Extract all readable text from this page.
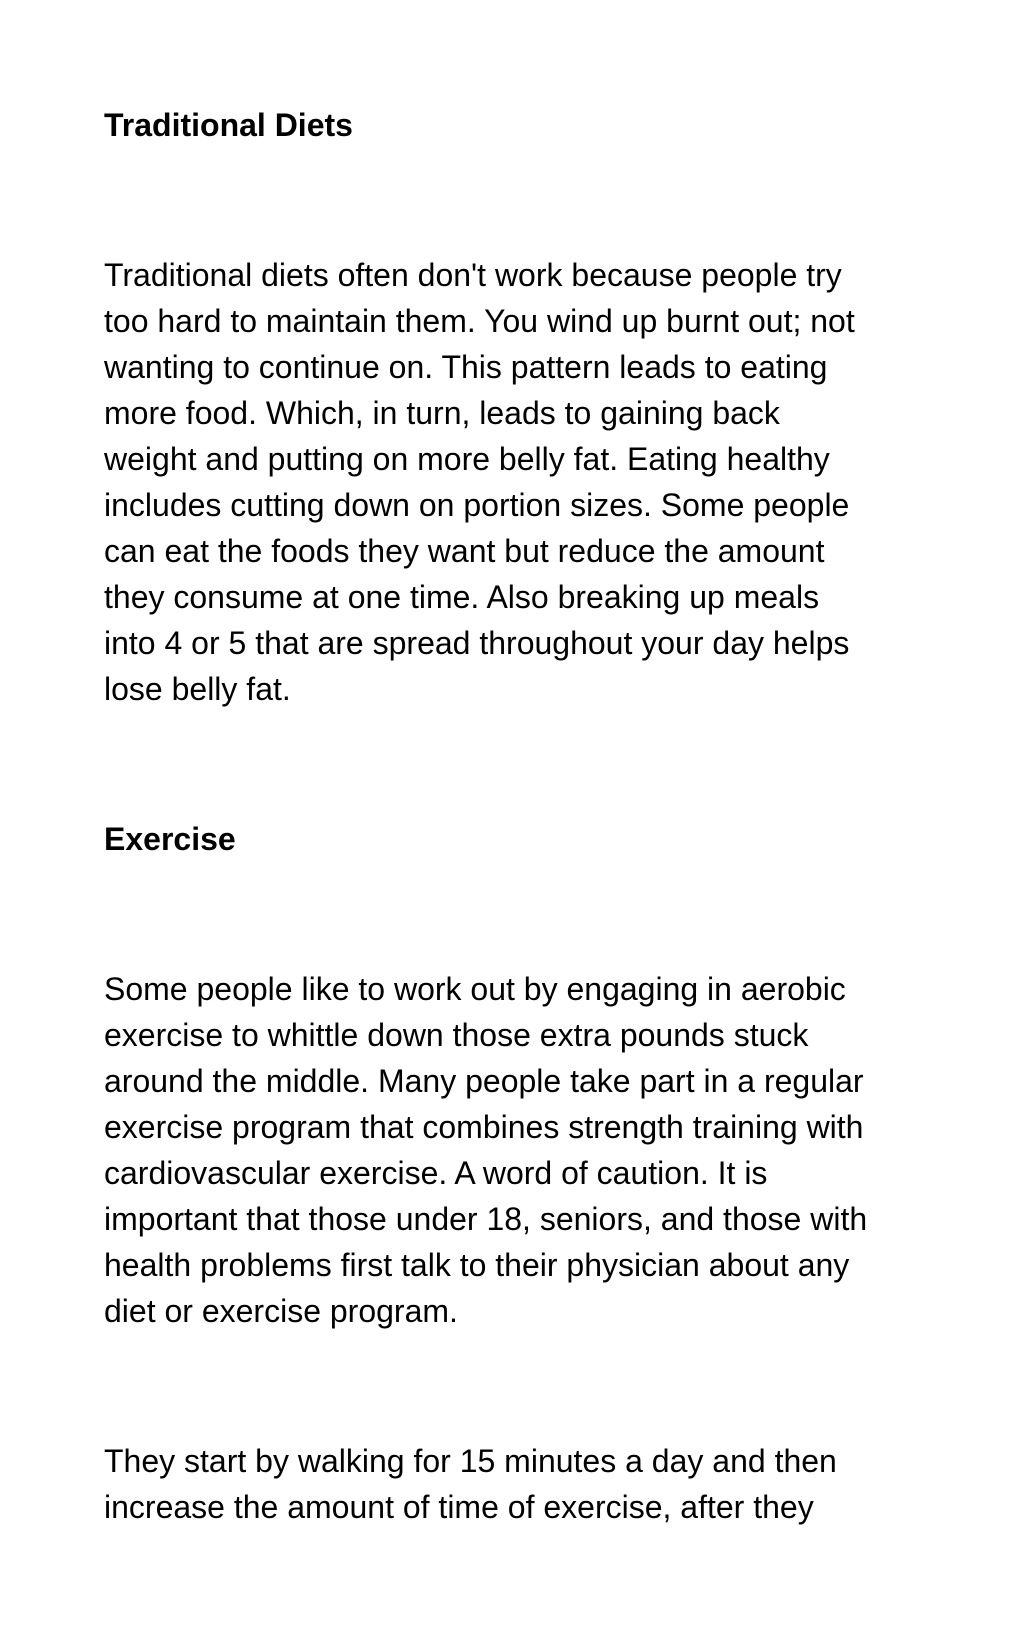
Traditional Diets

Traditional diets often don't work because people try
too hard to maintain them. You wind up burnt out; not
wanting to continue on. This pattern leads to eating
more food. Which, in turn, leads to gaining back
weight and putting on more belly fat. Eating healthy
includes cutting down on portion sizes. Some people
can eat the foods they want but reduce the amount
they consume at one time. Also breaking up meals
into 4 or 5 that are spread throughout your day helps
lose belly fat.

Exercise

Some people like to work out by engaging in aerobic
exercise to whittle down those extra pounds stuck
around the middle. Many people take part in a regular
exercise program that combines strength training with
cardiovascular exercise. A word of caution. It is
important that those under 18, seniors, and those with
health problems first talk to their physician about any
diet or exercise program.

They start by walking for 15 minutes a day and then
increase the amount of time of exercise, after they
